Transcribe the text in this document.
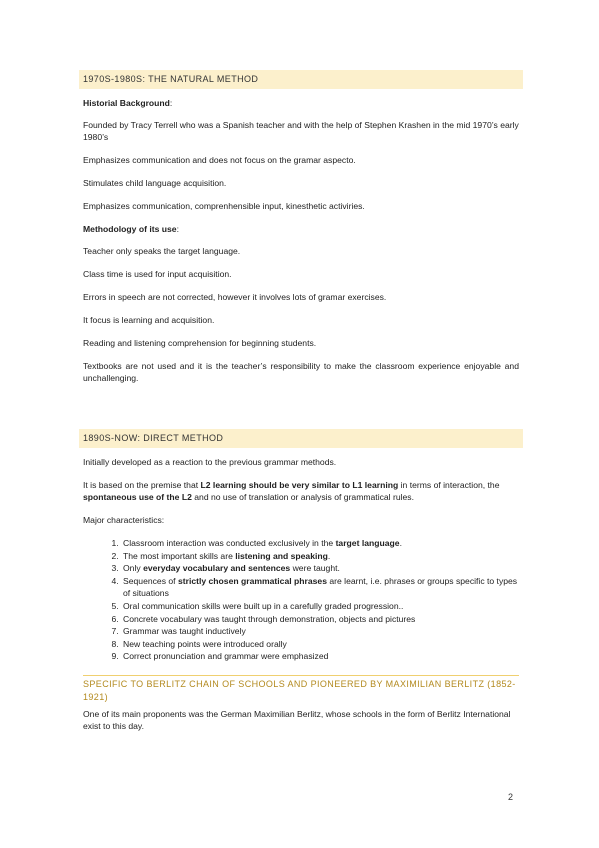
1970S-1980S: THE NATURAL METHOD

Historial Background:

Founded by Tracy Terrell who was a Spanish teacher and with the help of Stephen Krashen in the mid 1970’s early 1980’s

Emphasizes communication and does not focus on the gramar aspecto.

Stimulates child language acquisition.

Emphasizes communication, comprenhensible input, kinesthetic activiries.

Methodology of its use:

Teacher only speaks the target language.

Class time is used for input acquisition.

Errors in speech are not corrected, however it involves lots of gramar exercises.

It focus is learning and acquisition.

Reading and listening comprehension for beginning students.

Textbooks are not used and it is the teacher’s responsibility to make the classroom experience enjoyable and unchallenging.

1890S-NOW: DIRECT METHOD

Initially developed as a reaction to the previous grammar methods.

It is based on the premise that L2 learning should be very similar to L1 learning in terms of interaction, the spontaneous use of the L2 and no use of translation or analysis of grammatical rules.

Major characteristics:

1. Classroom interaction was conducted exclusively in the target language.
2. The most important skills are listening and speaking.
3. Only everyday vocabulary and sentences were taught.
4. Sequences of strictly chosen grammatical phrases are learnt, i.e. phrases or groups specific to types of situations
5. Oral communication skills were built up in a carefully graded progression..
6. Concrete vocabulary was taught through demonstration, objects and pictures
7. Grammar was taught inductively
8. New teaching points were introduced orally
9. Correct pronunciation and grammar were emphasized
SPECIFIC TO BERLITZ CHAIN OF SCHOOLS AND PIONEERED BY MAXIMILIAN BERLITZ (1852-1921)

One of its main proponents was the German Maximilian Berlitz, whose schools in the form of Berlitz International exist to this day.

2
